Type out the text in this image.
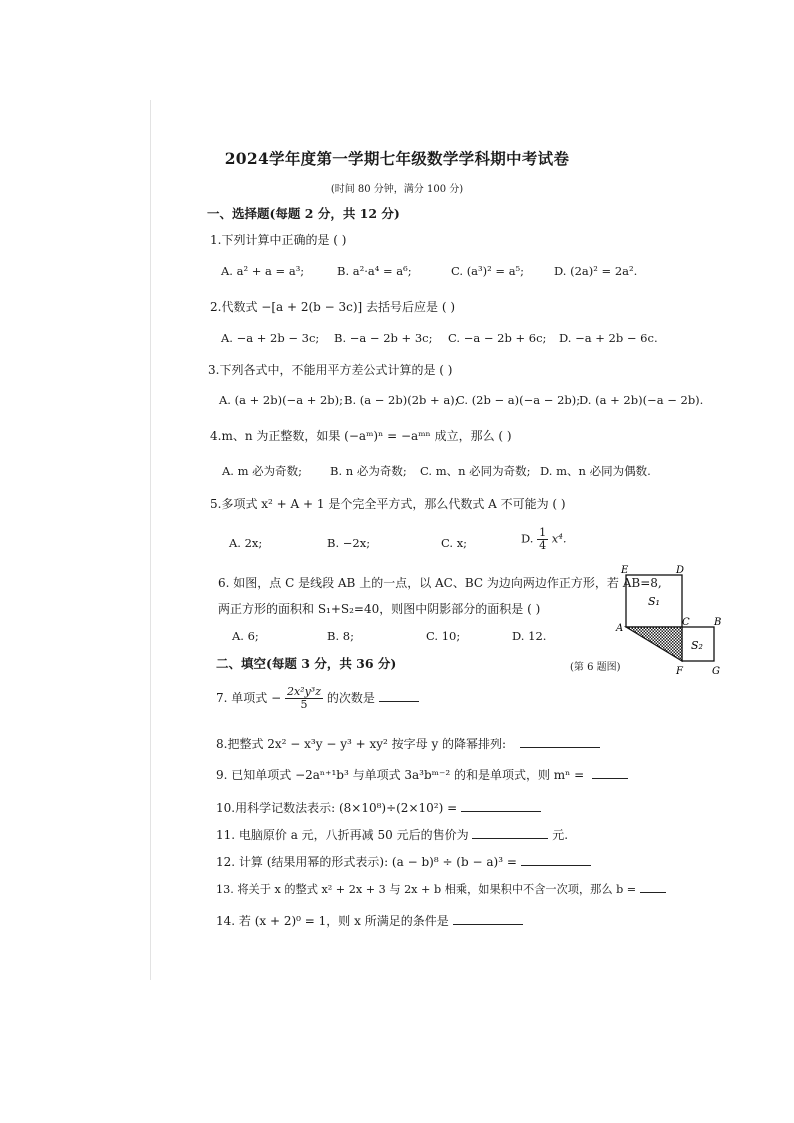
2024学年度第一学期七年级数学学科期中考试卷
(时间 80 分钟，满分 100 分)
一、选择题(每题 2 分，共 12 分)
1.下列计算中正确的是 ( )
A. a² + a = a³;	B. a²·a⁴ = a⁶;	C. (a³)² = a⁵;	D. (2a)² = 2a².
2.代数式 −[a + 2(b − 3c)] 去括号后应是 ( )
A. −a + 2b − 3c; B. −a − 2b + 3c; C. −a − 2b + 6c; D. −a + 2b − 6c.
3.下列各式中，不能用平方差公式计算的是 ( )
A. (a + 2b)(−a + 2b); B. (a − 2b)(2b + a);
C. (2b − a)(−a − 2b);
D. (a + 2b)(−a − 2b).
4.m、n 为正整数，如果 (−aᵐ)ⁿ = −aᵐⁿ 成立，那么 ( )
A. m 必为奇数; B. n 必为奇数; C. m、n 必同为奇数; D. m、n 必同为偶数.
5.多项式 x² + A + 1 是个完全平方式，那么代数式 A 不可能为 ( )
A. 2x;	B. −2x;	C. x;	D. $\frac{1}{4} x^4$.
6. 如图，点 C 是线段 AB 上的一点，以 AC、BC 为边向两边作正方形，若 AB=8,
两正方形的面积和 S₁+S₂=40，则图中阴影部分的面积是 ( )
A. 6;	B. 8;	C. 10;	D. 12.
E	D
A
C B
F	G
S₁
S₂
(第 6 题图)
二、填空(每题 3 分，共 36 分)
7. 单项式 − $\frac{\text{2x²y³z}}{5}$ 的次数是
8.把整式 2x² − x³y − y³ + xy² 按字母 y 的降幂排列:
9. 已知单项式 −2aⁿ⁺¹b³ 与单项式 3a³bᵐ⁻² 的和是单项式，则 mⁿ =
10.用科学记数法表示: (8×10⁸)÷(2×10²) =
11. 电脑原价 a 元，八折再减 50 元后的售价为	元.
12. 计算 (结果用幂的形式表示): (a − b)⁸ ÷ (b − a)³ =
13. 将关于 x 的整式 x² + 2x + 3 与 2x + b 相乘，如果积中不含一次项，那么 b =
14. 若 (x + 2)⁰ = 1，则 x 所满足的条件是
